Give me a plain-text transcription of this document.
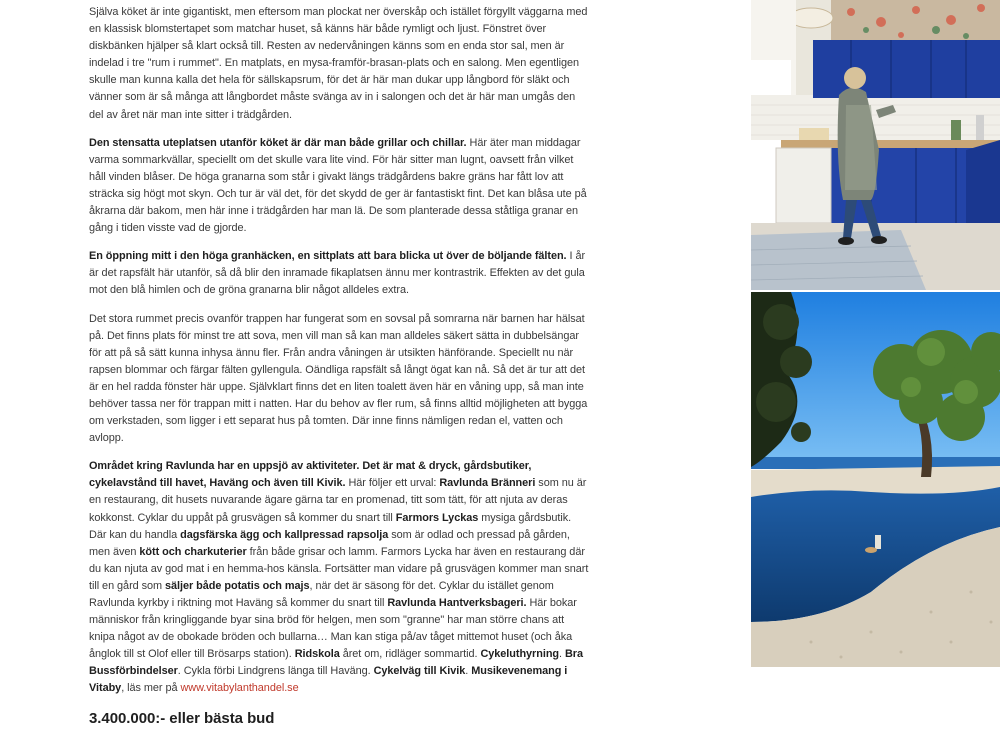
Själva köket är inte gigantiskt, men eftersom man plockat ner överskåp och istället förgyllt väggarna med en klassisk blomstertapet som matchar huset, så känns här både rymligt och ljust. Fönstret över diskbänken hjälper så klart också till. Resten av nedervåningen känns som en enda stor sal, men är indelad i tre "rum i rummet". En matplats, en mysa-framför-brasan-plats och en salong. Men egentligen skulle man kunna kalla det hela för sällskapsrum, för det är här man dukar upp långbord för släkt och vänner som är så många att långbordet måste svänga av in i salongen och det är här man umgås den del av året när man inte sitter i trädgården.

Den stensatta uteplatsen utanför köket är där man både grillar och chillar. Här äter man middagar varma sommarkvällar, speciellt om det skulle vara lite vind. För här sitter man lugnt, oavsett från vilket håll vinden blåser. De höga granarna som står i givakt längs trädgårdens bakre gräns har fått lov att sträcka sig högt mot skyn. Och tur är väl det, för det skydd de ger är fantastiskt fint. Det kan blåsa ute på åkrarna där bakom, men här inne i trädgården har man lä. De som planterade dessa ståtliga granar en gång i tiden visste vad de gjorde.

En öppning mitt i den höga granhäcken, en sittplats att bara blicka ut över de böljande fälten. I år är det rapsfält här utanför, så då blir den inramade fikaplatsen ännu mer kontrastrik. Effekten av det gula mot den blå himlen och de gröna granarna blir något alldeles extra.

Det stora rummet precis ovanför trappen har fungerat som en sovsal på somrarna när barnen har hälsat på. Det finns plats för minst tre att sova, men vill man så kan man alldeles säkert sätta in dubbelsängar för att på så sätt kunna inhysa ännu fler. Från andra våningen är utsikten hänförande. Speciellt nu när rapsen blommar och färgar fälten gyllengula. Oändliga rapsfält så långt ögat kan nå. Så det är tur att det är en hel radda fönster här uppe. Självklart finns det en liten toalett även här en våning upp, så man inte behöver tassa ner för trappan mitt i natten. Har du behov av fler rum, så finns alltid möjligheten att bygga om verkstaden, som ligger i ett separat hus på tomten. Där inne finns nämligen redan el, vatten och avlopp.

Området kring Ravlunda har en uppsjö av aktiviteter. Det är mat & dryck, gårdsbutiker, cykelavstånd till havet, Haväng och även till Kivik. Här följer ett urval: Ravlunda Bränneri som nu är en restaurang, dit husets nuvarande ägare gärna tar en promenad, titt som tätt, för att njuta av deras kokkonst. Cyklar du uppåt på grusvägen så kommer du snart till Farmors Lyckas mysiga gårdsbutik. Där kan du handla dagsfärska ägg och kallpressad rapsolja som är odlad och pressad på gården, men även kött och charkuterier från både grisar och lamm. Farmors Lycka har även en restaurang där du kan njuta av god mat i en hemma-hos känsla. Fortsätter man vidare på grusvägen kommer man snart till en gård som säljer både potatis och majs, när det är säsong för det. Cyklar du istället genom Ravlunda kyrkby i riktning mot Haväng så kommer du snart till Ravlunda Hantverksbageri. Här bokar människor från kringliggande byar sina bröd för helgen, men som "granne" har man större chans att knipa något av de obokade bröden och bullarna… Man kan stiga på/av tåget mittemot huset (och åka ånglok till st Olof eller till Brösarps station). Ridskola året om, ridläger sommartid. Cykeluthyrning. Bra Bussförbindelser. Cykla förbi Lindgrens länga till Haväng. Cykelväg till Kivik. Musikevenemang i Vitaby, läs mer på www.vitabylanthandel.se

3.400.000:- eller bästa bud
